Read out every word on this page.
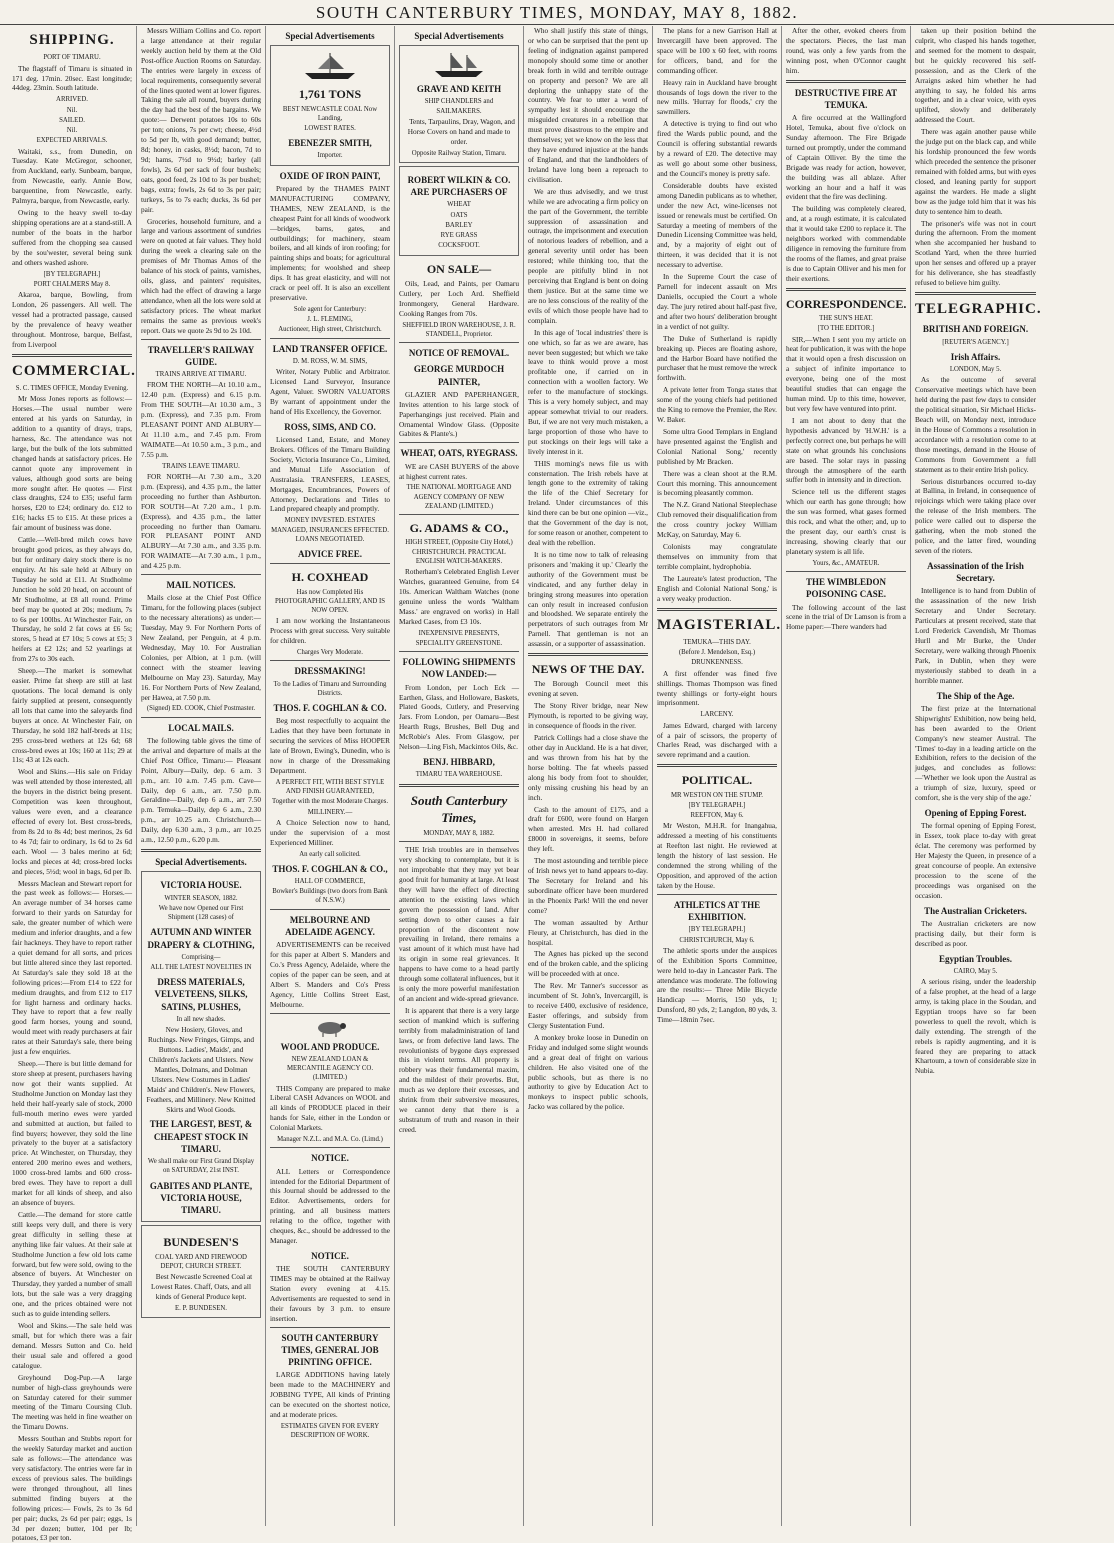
SOUTH CANTERBURY TIMES, MONDAY, MAY 8, 1882.
SHIPPING.
PORT OF TIMARU.

The flagstaff of Timaru is situated in 171 deg. 17min. 20sec. East longitude; 44deg. 23min. South latitude.

ARRIVED.
Nil.
SAILED.
Nil.
EXPECTED ARRIVALS.

Waitaki, s.s., from Dunedin, on Tuesday. Kate McGregor, schooner, from Auckland, early. Sunbeam, barque, from Newcastle, early. Annie Bow, barquentine, from Newcastle, early. Palmyra, barque, from Newcastle, early.

Owing to the heavy swell to-day shipping operations are at a stand-still. A number of the boats in the harbor suffered from the chopping sea caused by the sou'wester, several being sunk and others washed ashore.

[BY TELEGRAPH.]
PORT CHALMERS May 8.

Akaroa, barque, Bowling, from London, 26 passengers. All well. The vessel had a protracted passage, caused by the prevalence of heavy weather throughout. Montrose, barque, Belfast, from Liverpool

COMMERCIAL.
S. C. TIMES OFFICE, Monday Evening.

Mr Moss Jones reports as follows:— Horses.—The usual number were entered at his yards on Saturday, in addition to a quantity of drays, traps, harness, &c. The attendance was not large, but the bulk of the lots submitted changed hands at satisfactory prices. He cannot quote any improvement in values, although good sorts are being more sought after. He quotes — First class draughts, £24 to £35; useful farm horses, £20 to £24; ordinary do. £12 to £16; hacks £5 to £15. At these prices a fair amount of business was done.

Cattle.—Well-bred milch cows have brought good prices, as they always do, but for ordinary dairy stock there is no enquiry. At his sale held at Albury on Tuesday he sold at £11. At Studholme Junction he sold 20 head, on account of Mr Studholme, at £8 all round. Prime beef may be quoted at 20s; medium, 7s to 6s per 100lbs. At Winchester Fair, on Thursday, he sold 2 fat cows at £6 5s; stores, 5 head at £7 10s; 5 cows at £5; 3 heifers at £2 12s; and 52 yearlings at from 27s to 30s each.

Sheep.—The market is somewhat easier. Prime fat sheep are still at last quotations. The local demand is only fairly supplied at present, consequently all lots that came into the saleyards find buyers at once. At Winchester Fair, on Thursday, he sold 182 half-breds at 11s; 295 cross-bred wethers at 12s 6d; 68 cross-bred ewes at 10s; 160 at 11s; 29 at 11s; 43 at 12s each.

Wool and Skins.—His sale on Friday was well attended by those interested, all the buyers in the district being present. Competition was keen throughout, values were even, and a clearance effected of every lot. Best cross-breds, from 8s 2d to 8s 4d; best merinos, 2s 6d to 4s 7d; fair to ordinary, 1s 6d to 2s 6d each. Wool — 3 bales merino at 6d; locks and pieces at 4d; cross-bred locks and pieces, 5½d; wool in bags, 6d per lb.

Messrs Maclean and Stewart report for the past week as follows:— Horses.—An average number of 34 horses came forward to their yards on Saturday for sale, the greater number of which were medium and inferior draughts, and a few fair hackneys. They have to report rather a quiet demand for all sorts, and prices but little altered since they last reported. At Saturday's sale they sold 18 at the following prices:—From £14 to £22 for medium draughts, and from £12 to £17 for light harness and ordinary hacks. They have to report that a few really good farm horses, young and sound, would meet with ready purchasers at fair rates at their Saturday's sale, there being just a few enquiries.

Sheep.—There is but little demand for store sheep at present, purchasers having now got their wants supplied. At Studholme Junction on Monday last they held their half-yearly sale of stock, 2000 full-mouth merino ewes were yarded and submitted at auction, but failed to find buyers; however, they sold the line privately to the buyer at a satisfactory price. At Winchester, on Thursday, they entered 200 merino ewes and wethers, 1000 cross-bred lambs and 600 cross-bred ewes. They have to report a dull market for all kinds of sheep, and also an absence of buyers.

Cattle.—The demand for store cattle still keeps very dull, and there is very great difficulty in selling these at anything like fair values. At their sale at Studholme Junction a few old lots came forward, but few were sold, owing to the absence of buyers. At Winchester on Thursday, they yarded a number of small lots, but the sale was a very dragging one, and the prices obtained were not such as to guide intending sellers.

Wool and Skins.—The sale held was small, but for which there was a fair demand. Messrs Sutton and Co. held their usual sale and offered a good catalogue.

Greyhound Dog-Pup.—A large number of high-class greyhounds were on Saturday catered for their summer meeting of the Timaru Coursing Club. The meeting was held in fine weather on the Timaru Downs.

Messrs Southan and Stubbs report for the weekly Saturday market and auction sale as follows:—The attendance was very satisfactory. The entries were far in excess of previous sales. The buildings were thronged throughout, all lines submitted finding buyers at the following prices:— Fowls, 2s to 3s 6d per pair; ducks, 2s 6d per pair; eggs, 1s 3d per dozen; butter, 10d per lb; potatoes, £3 per ton.

Messrs William Collins and Co. report a large attendance at their regular weekly auction held by them at the Old Post-office Auction Rooms on Saturday. The entries were largely in excess of local requirements, consequently several of the lines quoted went at lower figures. Taking the sale all round, buyers during the day had the best of the bargains. We quote:— Derwent potatoes 10s to 60s per ton; onions, 7s per cwt; cheese, 4½d to 5d per lb, with good demand; butter, 8d; honey, in casks, 8½d; bacon, 7d to 9d; hams, 7½d to 9½d; barley (all fowls), 2s 6d per sack of four bushels; oats, good feed, 2s 10d to 3s per bushel; bags, extra; fowls, 2s 6d to 3s per pair; turkeys, 5s to 7s each; ducks, 3s 6d per pair.

Groceries, household furniture, and a large and various assortment of sundries were on quoted at fair values. They hold during the week a clearing sale on the premises of Mr Thomas Amos of the balance of his stock of paints, varnishes, oils, glass, and painters' requisites, which had the effect of drawing a large attendance, when all the lots were sold at satisfactory prices. The wheat market remains the same as previous week's report. Oats we quote 2s 9d to 2s 10d.

TRAVELLER'S RAILWAY GUIDE.
TRAINS ARRIVE AT TIMARU.

FROM THE NORTH—At 10.10 a.m., 12.40 p.m. (Express) and 6.15 p.m. From THE SOUTH—At 10.30 a.m., 3 p.m. (Express), and 7.35 p.m. From PLEASANT POINT AND ALBURY—At 11.10 a.m., and 7.45 p.m. From WAIMATE—At 10.50 a.m., 3 p.m., and 7.55 p.m.

TRAINS LEAVE TIMARU.

FOR NORTH—At 7.30 a.m., 3.20 p.m. (Express), and 4.35 p.m., the latter proceeding no further than Ashburton. FOR SOUTH—At 7.20 a.m., 1 p.m. (Express), and 4.35 p.m., the latter proceeding no further than Oamaru. FOR PLEASANT POINT AND ALBURY—At 7.30 a.m., and 3.35 p.m. FOR WAIMATE—At 7.30 a.m., 1 p.m., and 4.25 p.m.

MAIL NOTICES.

Mails close at the Chief Post Office Timaru, for the following places (subject to the necessary alterations) as under:— Tuesday, May 9. For Northern Ports of New Zealand, per Penguin, at 4 p.m. Wednesday, May 10. For Australian Colonies, per Albion, at 1 p.m. (will connect with the steamer leaving Melbourne on May 23). Saturday, May 16. For Northern Ports of New Zealand, per Hawea, at 7.50 p.m.

(Signed) ED. COOK, Chief Postmaster.
LOCAL MAILS.

The following table gives the time of the arrival and departure of mails at the Chief Post Office, Timaru:— Pleasant Point, Albury—Daily, dep. 6 a.m. 3 p.m., arr. 10 a.m. 7.45 p.m. Cave—Daily, dep 6 a.m., arr. 7.50 p.m. Geraldine—Daily, dep 6 a.m., arr 7.50 p.m. Temuka—Daily, dep 6 a.m., 2.30 p.m., arr 10.25 a.m. Christchurch—Daily, dep 6.30 a.m., 3 p.m., arr 10.25 a.m., 12.50 p.m., 6.20 p.m.

Special Advertisements.
VICTORIA HOUSE.
WINTER SEASON, 1882.
We have now Opened our First Shipment (128 cases) of
AUTUMN AND WINTER DRAPERY & CLOTHING,
Comprising—
ALL THE LATEST NOVELTIES IN
DRESS MATERIALS, VELVETEENS, SILKS, SATINS, PLUSHES,
In all new shades.

New Hosiery, Gloves, and Ruchings. New Fringes, Gimps, and Buttons. Ladies', Maids', and Children's Jackets and Ulsters. New Mantles, Dolmans, and Dolman Ulsters. New Costumes in Ladies' Maids' and Children's. New Flowers, Feathers, and Millinery. New Knitted Skirts and Wool Goods.

THE LARGEST, BEST, & CHEAPEST STOCK IN TIMARU.
We shall make our First Grand Display on SATURDAY, 21st INST.
GABITES AND PLANTE, VICTORIA HOUSE, TIMARU.
BUNDESEN'S
COAL YARD AND FIREWOOD DEPOT, CHURCH STREET.

Best Newcastle Screened Coal at Lowest Rates. Chaff, Oats, and all kinds of General Produce kept.

E. P. BUNDESEN.
Special Advertisements
1,761 TONS
BEST NEWCASTLE COAL Now Landing,
LOWEST RATES.
EBENEZER SMITH,
Importer.
OXIDE OF IRON PAINT,

Prepared by the THAMES PAINT MANUFACTURING COMPANY, THAMES, NEW ZEALAND, is the cheapest Paint for all kinds of woodwork—bridges, barns, gates, and outbuildings; for machinery, steam boilers, and all kinds of iron roofing; for painting ships and boats; for agricultural implements; for woolshed and sheep dips. It has great elasticity, and will not crack or peel off. It is also an excellent preservative.

Sole agent for Canterbury:
J. L. FLEMING,
Auctioneer, High street, Christchurch.
LAND TRANSFER OFFICE.
D. M. ROSS, W. M. SIMS,

Writer, Notary Public and Arbitrator. Licensed Land Surveyor, Insurance Agent, Valuer. SWORN VALUATORS By warrant of appointment under the hand of His Excellency, the Governor.

ROSS, SIMS, AND CO.

Licensed Land, Estate, and Money Brokers. Offices of the Timaru Building Society, Victoria Insurance Co., Limited, and Mutual Life Association of Australasia. TRANSFERS, LEASES, Mortgages, Encumbrances, Powers of Attorney, Declarations and Titles to Land prepared cheaply and promptly.

MONEY INVESTED. ESTATES MANAGED, INSURANCES EFFECTED. LOANS NEGOTIATED.
ADVICE FREE.
H. COXHEAD
Has now Completed His PHOTOGRAPHIC GALLERY, AND IS NOW OPEN.

I am now working the Instantaneous Process with great success. Very suitable for children.

Charges Very Moderate.
DRESSMAKING!
To the Ladies of Timaru and Surrounding Districts.
THOS. F. COGHLAN & CO.

Beg most respectfully to acquaint the Ladies that they have been fortunate in securing the services of Miss HOOPER late of Brown, Ewing's, Dunedin, who is now in charge of the Dressmaking Department.

A PERFECT FIT, WITH BEST STYLE AND FINISH GUARANTEED,
Together with the most Moderate Charges.
MILLINERY.—

A Choice Selection now to hand, under the supervision of a most Experienced Milliner.

An early call solicited.
THOS. F. COGHLAN & CO.,
HALL OF COMMERCE,
Bowker's Buildings (two doors from Bank of N.S.W.)
MELBOURNE AND ADELAIDE AGENCY.

ADVERTISEMENTS can be received for this paper at Albert S. Manders and Co.'s Press Agency, Adelaide, where the copies of the paper can be seen, and at Albert S. Manders and Co's Press Agency, Little Collins Street East, Melbourne.

WOOL AND PRODUCE.
NEW ZEALAND LOAN & MERCANTILE AGENCY CO. (LIMITED.)

THIS Company are prepared to make Liberal CASH Advances on WOOL and all kinds of PRODUCE placed in their hands for Sale, either in the London or Colonial Markets.

Manager N.Z.L. and M.A. Co. (Limd.)
NOTICE.

ALL Letters or Correspondence intended for the Editorial Department of this Journal should be addressed to the Editor. Advertisements, orders for printing, and all business matters relating to the office, together with cheques, &c., should be addressed to the Manager.

NOTICE.

THE SOUTH CANTERBURY TIMES may be obtained at the Railway Station every evening at 4.15. Advertisements are requested to send in their favours by 3 p.m. to ensure insertion.

SOUTH CANTERBURY TIMES, GENERAL JOB PRINTING OFFICE.

LARGE ADDITIONS having lately been made to the MACHINERY and JOBBING TYPE, All kinds of Printing can be executed on the shortest notice, and at moderate prices.

ESTIMATES GIVEN FOR EVERY DESCRIPTION OF WORK.
Special Advertisements
GRAVE AND KEITH
SHIP CHANDLERS and SAILMAKERS.

Tents, Tarpaulins, Dray, Wagon, and Horse Covers on hand and made to order.

Opposite Railway Station, Timaru.
ROBERT WILKIN & CO. ARE PURCHASERS OF
WHEAT
OATS
BARLEY
RYE GRASS
COCKSFOOT.
ON SALE—

Oils, Lead, and Paints, per Oamaru Cutlery, per Loch Ard. Sheffield Ironmongery, General Hardware. Cooking Ranges from 70s.

SHEFFIELD IRON WAREHOUSE, J. R. STANDELL, Proprietor.
NOTICE OF REMOVAL.
GEORGE MURDOCH PAINTER,

GLAZIER AND PAPERHANGER, Invites attention to his large stock of Paperhangings just received. Plain and Ornamental Window Glass. (Opposite Gabites & Plante's.)

WHEAT, OATS, RYEGRASS.

WE are CASH BUYERS of the above at highest current rates.

THE NATIONAL MORTGAGE AND AGENCY COMPANY OF NEW ZEALAND (LIMITED.)
G. ADAMS & CO.,
HIGH STREET, (Opposite City Hotel,) CHRISTCHURCH. PRACTICAL ENGLISH WATCH-MAKERS.

Rotherham's Celebrated English Lever Watches, guaranteed Genuine, from £4 10s. American Waltham Watches (none genuine unless the words 'Waltham Mass.' are engraved on works) in Hall Marked Cases, from £3 10s.

INEXPENSIVE PRESENTS,
SPECIALITY GREENSTONE.
FOLLOWING SHIPMENTS NOW LANDED:—

From London, per Loch Eck — Earthen, Glass, and Holloware, Baskets, Plated Goods, Cutlery, and Preserving Jars. From London, per Oamaru—Best Hearth Rugs, Brushes, Bell Dug and McRobie's Ales. From Glasgow, per Nelson—Ling Fish, Mackintos Oils, &c.

BENJ. HIBBARD,
TIMARU TEA WAREHOUSE.
South Canterbury Times,
MONDAY, MAY 8, 1882.

THE Irish troubles are in themselves very shocking to contemplate, but it is not improbable that they may yet bear good fruit for humanity at large. At least they will have the effect of directing attention to the existing laws which govern the possession of land. After setting down to other causes a fair proportion of the discontent now prevailing in Ireland, there remains a vast amount of it which must have had its origin in some real grievances. It happens to have come to a head partly through some collateral influences, but it is only the more powerful manifestation of an ancient and wide-spread grievance.

It is apparent that there is a very large section of mankind which is suffering terribly from maladministration of land laws, or from defective land laws. The revolutionists of bygone days expressed this in violent terms. All property is robbery was their fundamental maxim, and the mildest of their proverbs. But, much as we deplore their excesses, and shrink from their subversive measures, we cannot deny that there is a substratum of truth and reason in their creed.

Who shall justify this state of things, or who can be surprised that the pent up feeling of indignation against pampered monopoly should some time or another break forth in wild and terrible outrage on property and person? We are all deploring the unhappy state of the country. We fear to utter a word of sympathy lest it should encourage the misguided creatures in a rebellion that must prove disastrous to the empire and themselves; yet we know on the less that they have endured injustice at the hands of England, and that the landholders of Ireland have long been a reproach to civilisation.

We are thus advisedly, and we trust while we are advocating a firm policy on the part of the Government, the terrible suppression of assassination and outrage, the imprisonment and execution of notorious leaders of rebellion, and a general severity until order has been restored; while thinking too, that the people are pitifully blind in not perceiving that England is bent on doing them justice. But at the same time we are no less conscious of the reality of the evils of which those people have had to complain.

In this age of 'local industries' there is one which, so far as we are aware, has never been suggested; but which we take leave to think would prove a most profitable one, if carried on in connection with a woollen factory. We refer to the manufacture of stockings. This is a very homely subject, and may appear somewhat trivial to our readers. But, if we are not very much mistaken, a large proportion of those who have to put stockings on their legs will take a lively interest in it.

THIS morning's news file us with consternation. The Irish rebels have at length gone to the extremity of taking the life of the Chief Secretary for Ireland. Under circumstances of this kind there can be but one opinion —viz., that the Government of the day is not, for some reason or another, competent to deal with the rebellion.

It is no time now to talk of releasing prisoners and 'making it up.' Clearly the authority of the Government must be vindicated, and any further delay in bringing strong measures into operation can only result in increased confusion and bloodshed. We separate entirely the perpetrators of such outrages from Mr Parnell. That gentleman is not an assassin, or a supporter of assassination.

NEWS OF THE DAY.

The Borough Council meet this evening at seven.

The Stony River bridge, near New Plymouth, is reported to be giving way, in consequence of floods in the river.

Patrick Collings had a close shave the other day in Auckland. He is a hat diver, and was thrown from his hat by the horse bolting. The fat wheels passed along his body from foot to shoulder, only missing crushing his head by an inch.

Cash to the amount of £175, and a draft for £600, were found on Hargen when arrested. Mrs H. had collared £8000 in sovereigns, it seems, before they left.

The most astounding and terrible piece of Irish news yet to hand appears to-day. The Secretary for Ireland and his subordinate officer have been murdered in the Phoenix Park! Will the end never come?

The woman assaulted by Arthur Fleury, at Christchurch, has died in the hospital.

The Agnes has picked up the second end of the broken cable, and the splicing will be proceeded with at once.

The Rev. Mr Tanner's successor as incumbent of St. John's, Invercargill, is to receive £400, exclusive of residence, Easter offerings, and subsidy from Clergy Sustentation Fund.

A monkey broke loose in Dunedin on Friday and indulged some slight wounds and a great deal of fright on various children. He also visited one of the public schools, but as there is no authority to give by Education Act to monkeys to inspect public schools, Jacko was collared by the police.

The plans for a new Garrison Hall at Invercargill have been approved. The space will be 100 x 60 feet, with rooms for officers, band, and for the commanding officer.

Heavy rain in Auckland have brought thousands of logs down the river to the new mills. 'Hurray for floods,' cry the sawmillers.

A detective is trying to find out who fired the Wards public pound, and the Council is offering substantial rewards by a reward of £20. The detective may as well go about some other business, and the Council's money is pretty safe.

Considerable doubts have existed among Danedin publicans as to whether, under the new Act, wine-licenses not issued or renewals must be certified. On Saturday a meeting of members of the Dunedin Licensing Committee was held, and, by a majority of eight out of thirteen, it was decided that it is not necessary to advertise.

In the Supreme Court the case of Parnell for indecent assault on Mrs Daniells, occupied the Court a whole day. The jury retired about half-past five, and after two hours' deliberation brought in a verdict of not guilty.

The Duke of Sutherland is rapidly breaking up. Pieces are floating ashore, and the Harbor Board have notified the purchaser that he must remove the wreck forthwith.

A private letter from Tonga states that some of the young chiefs had petitioned the King to remove the Premier, the Rev. W. Baker.

Some ultra Good Templars in England have presented against the 'English and Colonial National Song,' recently published by Mr Bracken.

There was a clean shoot at the R.M. Court this morning. This announcement is becoming pleasantly common.

The N.Z. Grand National Steeplechase Club removed their disqualification from the cross country jockey William McKay, on Saturday, May 6.

Colonists may congratulate themselves on immunity from that terrible complaint, hydrophobia.

The Laureate's latest production, 'The English and Colonial National Song,' is a very weaky production.

MAGISTERIAL.
TEMUKA—THIS DAY.
(Before J. Mendelson, Esq.)
DRUNKENNESS.

A first offender was fined five shillings. Thomas Thompson was fined twenty shillings or forty-eight hours imprisonment.

LARCENY.

James Edward, charged with larceny of a pair of scissors, the property of Charles Read, was discharged with a severe reprimand and a caution.

POLITICAL.
MR WESTON ON THE STUMP.
[BY TELEGRAPH.]
REEFTON, May 6.

Mr Weston, M.H.R. for Inangahua, addressed a meeting of his constituents at Reefton last night. He reviewed at length the history of last session. He condemned the strong whiling of the Opposition, and approved of the action taken by the House.

ATHLETICS AT THE EXHIBITION.
[BY TELEGRAPH.]
CHRISTCHURCH, May 6.

The athletic sports under the auspices of the Exhibition Sports Committee, were held to-day in Lancaster Park. The attendance was moderate. The following are the results:— Three Mile Bicycle Handicap — Morris, 150 yds, 1; Dunsford, 80 yds, 2; Langdon, 80 yds, 3. Time—18min 7sec.

After the other, evoked cheers from the spectators. Pieces, the last man round, was only a few yards from the winning post, when O'Connor caught him.

DESTRUCTIVE FIRE AT TEMUKA.

A fire occurred at the Wallingford Hotel, Temuka, about five o'clock on Sunday afternoon. The Fire Brigade turned out promptly, under the command of Captain Olliver. By the time the Brigade was ready for action, however, the building was all ablaze. After working an hour and a half it was evident that the fire was declining.

The building was completely cleared, and, at a rough estimate, it is calculated that it would take £200 to replace it. The neighbors worked with commendable diligence in removing the furniture from the rooms of the flames, and great praise is due to Captain Olliver and his men for their exertions.

CORRESPONDENCE.
THE SUN'S HEAT.
[TO THE EDITOR.]

SIR,—When I sent you my article on heat for publication, it was with the hope that it would open a fresh discussion on a subject of infinite importance to everyone, being one of the most beautiful studies that can engage the human mind. Up to this time, however, but very few have ventured into print.

I am not about to deny that the hypothesis advanced by 'H.W.H.' is a perfectly correct one, but perhaps he will state on what grounds his conclusions are based. The solar rays in passing through the atmosphere of the earth suffer both in intensity and in direction.

Science tell us the different stages which our earth has gone through; how the sun was formed, what gases formed this rock, and what the other; and, up to the present day, our earth's crust is increasing, showing clearly that our planetary system is all life.

Yours, &c., AMATEUR.
THE WIMBLEDON POISONING CASE.

The following account of the last scene in the trial of Dr Lamson is from a Home paper:—There wanders had

taken up their position behind the culprit, who clasped his hands together, and seemed for the moment to despair, but he quickly recovered his self-possession, and as the Clerk of the Arraigns asked him whether he had anything to say, he folded his arms together, and in a clear voice, with eyes uplifted, slowly and deliberately addressed the Court.

There was again another pause while the judge put on the black cap, and while his lordship pronounced the few words which preceded the sentence the prisoner remained with folded arms, but with eyes closed, and leaning partly for support against the warders. He made a slight bow as the judge told him that it was his duty to sentence him to death.

The prisoner's wife was not in court during the afternoon. From the moment when she accompanied her husband to Scotland Yard, when the three hurried upon her senses and offered up a prayer for his deliverance, she has steadfastly refused to believe him guilty.

TELEGRAPHIC.
BRITISH AND FOREIGN.
[REUTER'S AGENCY.]
Irish Affairs.
LONDON, May 5.

As the outcome of several Conservative meetings which have been held during the past few days to consider the political situation, Sir Michael Hicks-Beach will, on Monday next, introduce in the House of Commons a resolution in accordance with a resolution come to at those meetings, demand in the House of Commons from Government a full statement as to their entire Irish policy.

Serious disturbances occurred to-day at Ballina, in Ireland, in consequence of rejoicings which were taking place over the release of the Irish members. The police were called out to disperse the gathering, when the mob stoned the police, and the latter fired, wounding seven of the rioters.

Assassination of the Irish Secretary.

Intelligence is to hand from Dublin of the assassination of the new Irish Secretary and Under Secretary. Particulars at present received, state that Lord Frederick Cavendish, Mr Thomas Hurll and Mr Burke, the Under Secretary, were walking through Phoenix Park, in Dublin, when they were mysteriously stabbed to death in a horrible manner.

The Ship of the Age.

The first prize at the International Shipwrights' Exhibition, now being held, has been awarded to the Orient Company's new steamer Austral. The 'Times' to-day in a leading article on the Exhibition, refers to the decision of the judges, and concludes as follows:—'Whether we look upon the Austral as a triumph of size, luxury, speed or comfort, she is the very ship of the age.'

Opening of Epping Forest.

The formal opening of Epping Forest, in Essex, took place to-day with great éclat. The ceremony was performed by Her Majesty the Queen, in presence of a great concourse of people. An extensive procession to the scene of the proceedings was organised on the occasion.

The Australian Cricketers.

The Australian cricketers are now practising daily, but their form is described as poor.

Egyptian Troubles.
CAIRO, May 5.

A serious rising, under the leadership of a false prophet, at the head of a large army, is taking place in the Soudan, and Egyptian troops have so far been powerless to quell the revolt, which is daily extending. The strength of the rebels is rapidly augmenting, and it is feared they are preparing to attack Khartoum, a town of considerable size in Nubia.
